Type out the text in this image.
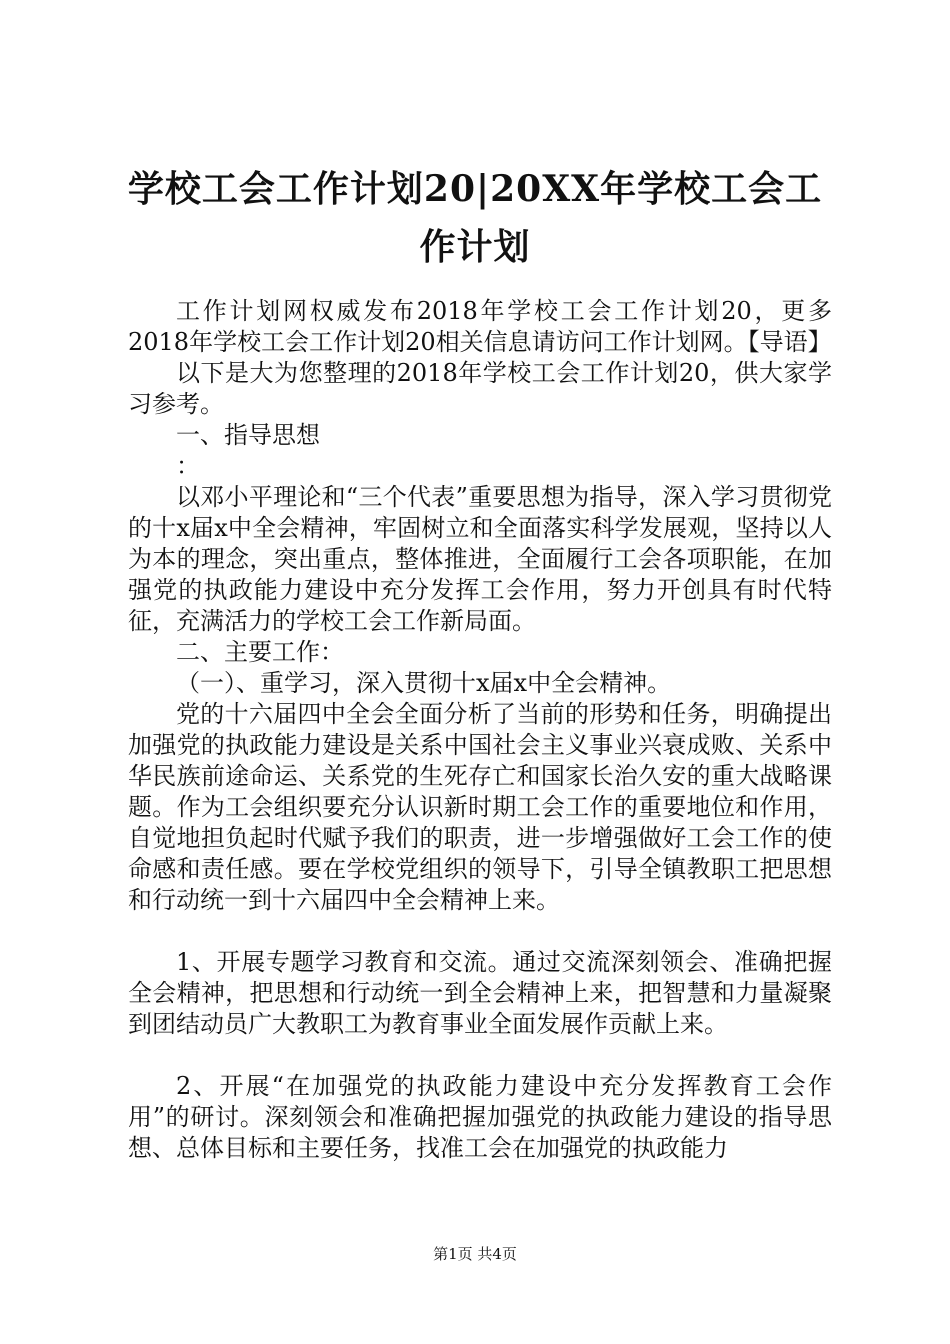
学校工会工作计划20|20XX年学校工会工作计划

工作计划网权威发布2018年学校工会工作计划20，更多2018年学校工会工作计划20相关信息请访问工作计划网。【导语】

以下是大为您整理的2018年学校工会工作计划20，供大家学习参考。

一、指导思想

：

以邓小平理论和“三个代表”重要思想为指导，深入学习贯彻党的十x届x中全会精神，牢固树立和全面落实科学发展观，坚持以人为本的理念，突出重点，整体推进，全面履行工会各项职能，在加强党的执政能力建设中充分发挥工会作用，努力开创具有时代特征，充满活力的学校工会工作新局面。

二、主要工作：

（一）、重学习，深入贯彻十x届x中全会精神。

党的十六届四中全会全面分析了当前的形势和任务，明确提出加强党的执政能力建设是关系中国社会主义事业兴衰成败、关系中华民族前途命运、关系党的生死存亡和国家长治久安的重大战略课题。作为工会组织要充分认识新时期工会工作的重要地位和作用，自觉地担负起时代赋予我们的职责，进一步增强做好工会工作的使命感和责任感。要在学校党组织的领导下，引导全镇教职工把思想和行动统一到十六届四中全会精神上来。

1、开展专题学习教育和交流。通过交流深刻领会、准确把握全会精神，把思想和行动统一到全会精神上来，把智慧和力量凝聚到团结动员广大教职工为教育事业全面发展作贡献上来。

2、开展“在加强党的执政能力建设中充分发挥教育工会作用”的研讨。深刻领会和准确把握加强党的执政能力建设的指导思想、总体目标和主要任务，找准工会在加强党的执政能力

第1页 共4页
